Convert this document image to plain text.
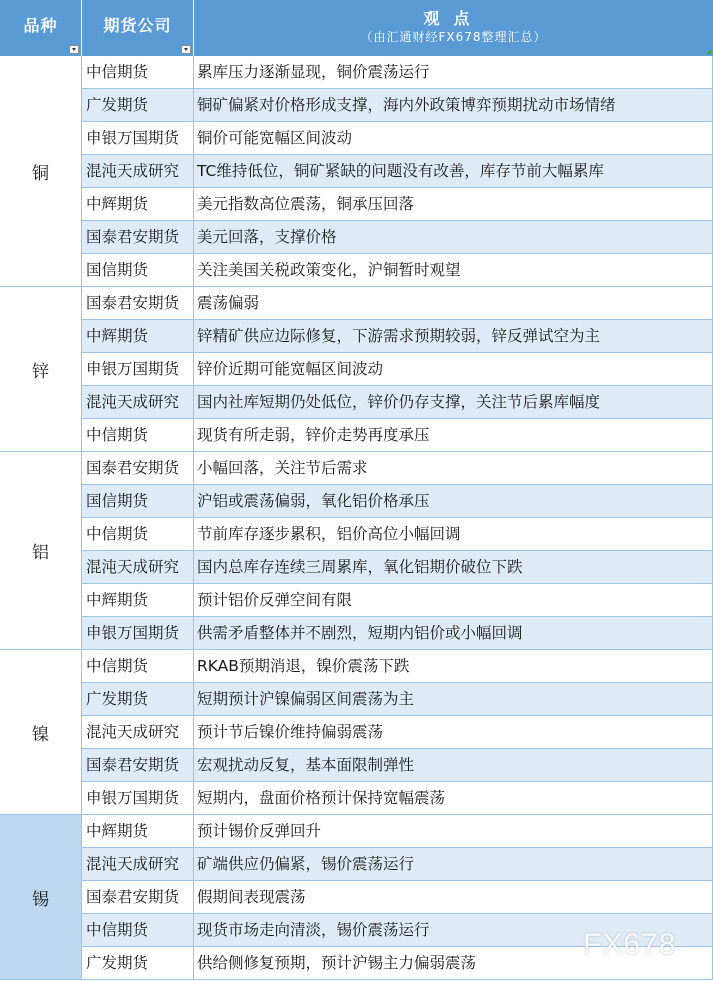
品种	期货公司	观点
（由汇通财经FX678整理汇总）
铜
中信期货	累库压力逐渐显现，铜价震荡运行
广发期货	铜矿偏紧对价格形成支撑，海内外政策博弈预期扰动市场情绪
申银万国期货	铜价可能宽幅区间波动
混沌天成研究	TC维持低位，铜矿紧缺的问题没有改善，库存节前大幅累库
中辉期货	美元指数高位震荡，铜承压回落
国泰君安期货	美元回落，支撑价格
国信期货	关注美国关税政策变化，沪铜暂时观望
锌
国泰君安期货	震荡偏弱
中辉期货	锌精矿供应边际修复，下游需求预期较弱，锌反弹试空为主
申银万国期货	锌价近期可能宽幅区间波动
混沌天成研究	国内社库短期仍处低位，锌价仍存支撑，关注节后累库幅度
中信期货	现货有所走弱，锌价走势再度承压
铝
国泰君安期货	小幅回落，关注节后需求
国信期货	沪铝或震荡偏弱，氧化铝价格承压
中信期货	节前库存逐步累积，铝价高位小幅回调
混沌天成研究	国内总库存连续三周累库，氧化铝期价破位下跌
中辉期货	预计铝价反弹空间有限
申银万国期货	供需矛盾整体并不剧烈，短期内铝价或小幅回调
镍
中信期货	RKAB预期消退，镍价震荡下跌
广发期货	短期预计沪镍偏弱区间震荡为主
混沌天成研究	预计节后镍价维持偏弱震荡
国泰君安期货	宏观扰动反复，基本面限制弹性
申银万国期货	短期内，盘面价格预计保持宽幅震荡
锡
中辉期货	预计锡价反弹回升
混沌天成研究	矿端供应仍偏紧，锡价震荡运行
国泰君安期货	假期间表现震荡
中信期货	现货市场走向清淡，锡价震荡运行
广发期货	供给侧修复预期，预计沪锡主力偏弱震荡
FX678
